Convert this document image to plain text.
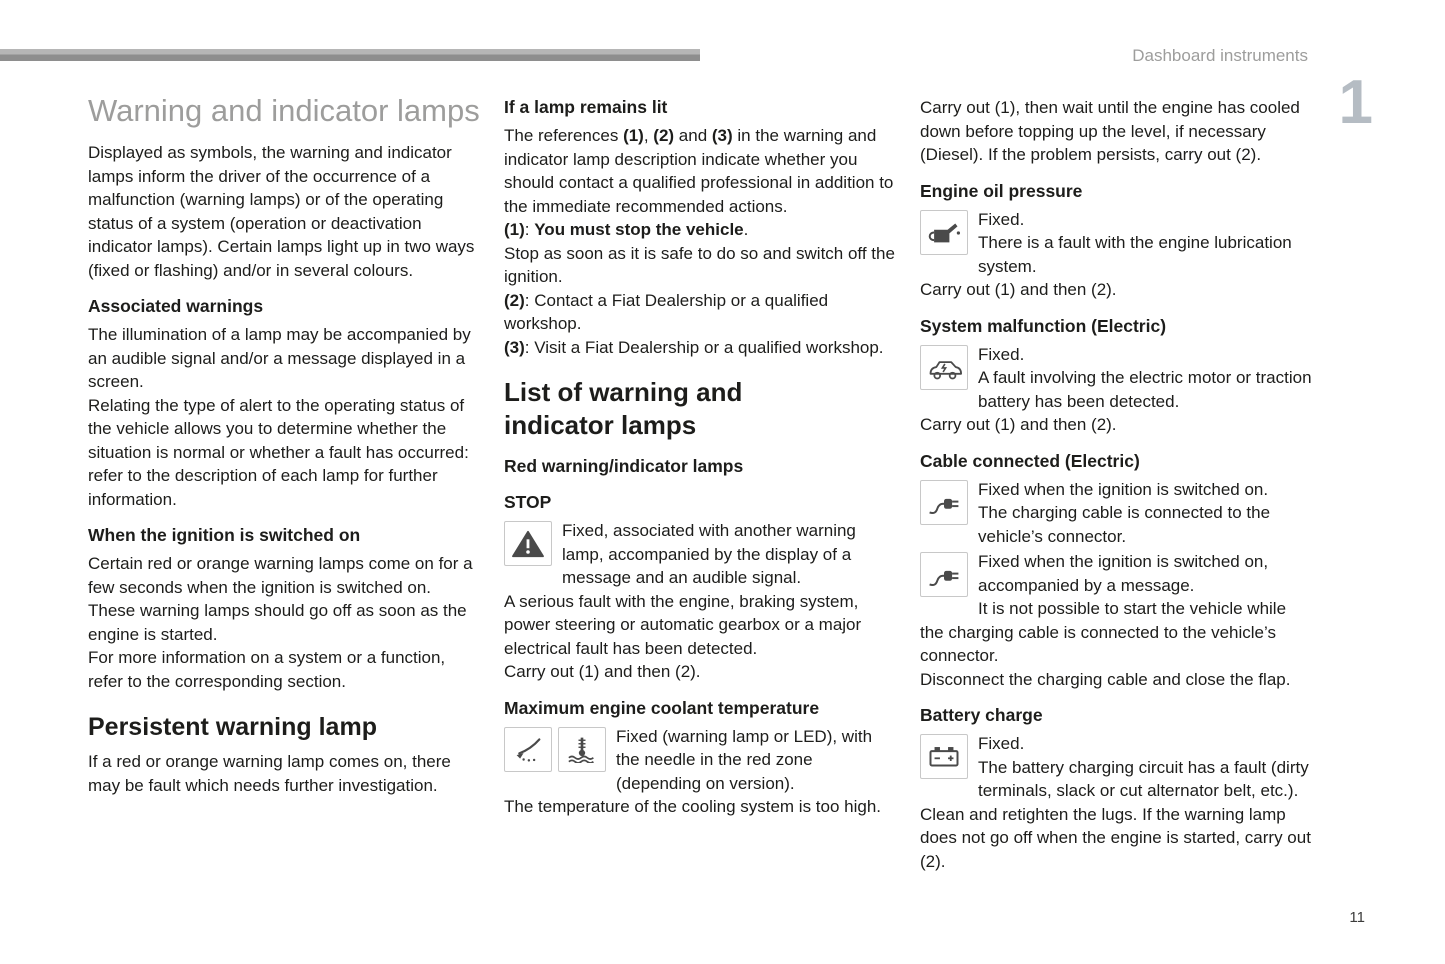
Dashboard instruments
1
Warning and indicator lamps

Displayed as symbols, the warning and indicator lamps inform the driver of the occurrence of a malfunction (warning lamps) or of the operating status of a system (operation or deactivation indicator lamps). Certain lamps light up in two ways (fixed or flashing) and/or in several colours.

Associated warnings

The illumination of a lamp may be accompanied by an audible signal and/or a message displayed in a screen.

Relating the type of alert to the operating status of the vehicle allows you to determine whether the situation is normal or whether a fault has occurred: refer to the description of each lamp for further information.

When the ignition is switched on

Certain red or orange warning lamps come on for a few seconds when the ignition is switched on. These warning lamps should go off as soon as the engine is started.

For more information on a system or a function, refer to the corresponding section.

Persistent warning lamp

If a red or orange warning lamp comes on, there may be fault which needs further investigation.

If a lamp remains lit

The references (1), (2) and (3) in the warning and indicator lamp description indicate whether you should contact a qualified professional in addition to the immediate recommended actions.

(1): You must stop the vehicle.

Stop as soon as it is safe to do so and switch off the ignition.

(2): Contact a Fiat Dealership or a qualified workshop.

(3): Visit a Fiat Dealership or a qualified workshop.

List of warning and indicator lamps
Red warning/indicator lamps
STOP

Fixed, associated with another warning lamp, accompanied by the display of a message and an audible signal.

A serious fault with the engine, braking system, power steering or automatic gearbox or a major electrical fault has been detected.

Carry out (1) and then (2).

Maximum engine coolant temperature

Fixed (warning lamp or LED), with the needle in the red zone (depending on version).

The temperature of the cooling system is too high.

Carry out (1), then wait until the engine has cooled down before topping up the level, if necessary (Diesel). If the problem persists, carry out (2).

Engine oil pressure

Fixed.

There is a fault with the engine lubrication system.

Carry out (1) and then (2).

System malfunction (Electric)

Fixed.

A fault involving the electric motor or traction battery has been detected.

Carry out (1) and then (2).

Cable connected (Electric)

Fixed when the ignition is switched on.

The charging cable is connected to the vehicle’s connector.

Fixed when the ignition is switched on, accompanied by a message.

It is not possible to start the vehicle while the charging cable is connected to the vehicle’s connector.

Disconnect the charging cable and close the flap.

Battery charge

Fixed.

The battery charging circuit has a fault (dirty terminals, slack or cut alternator belt, etc.).

Clean and retighten the lugs. If the warning lamp does not go off when the engine is started, carry out (2).

11
